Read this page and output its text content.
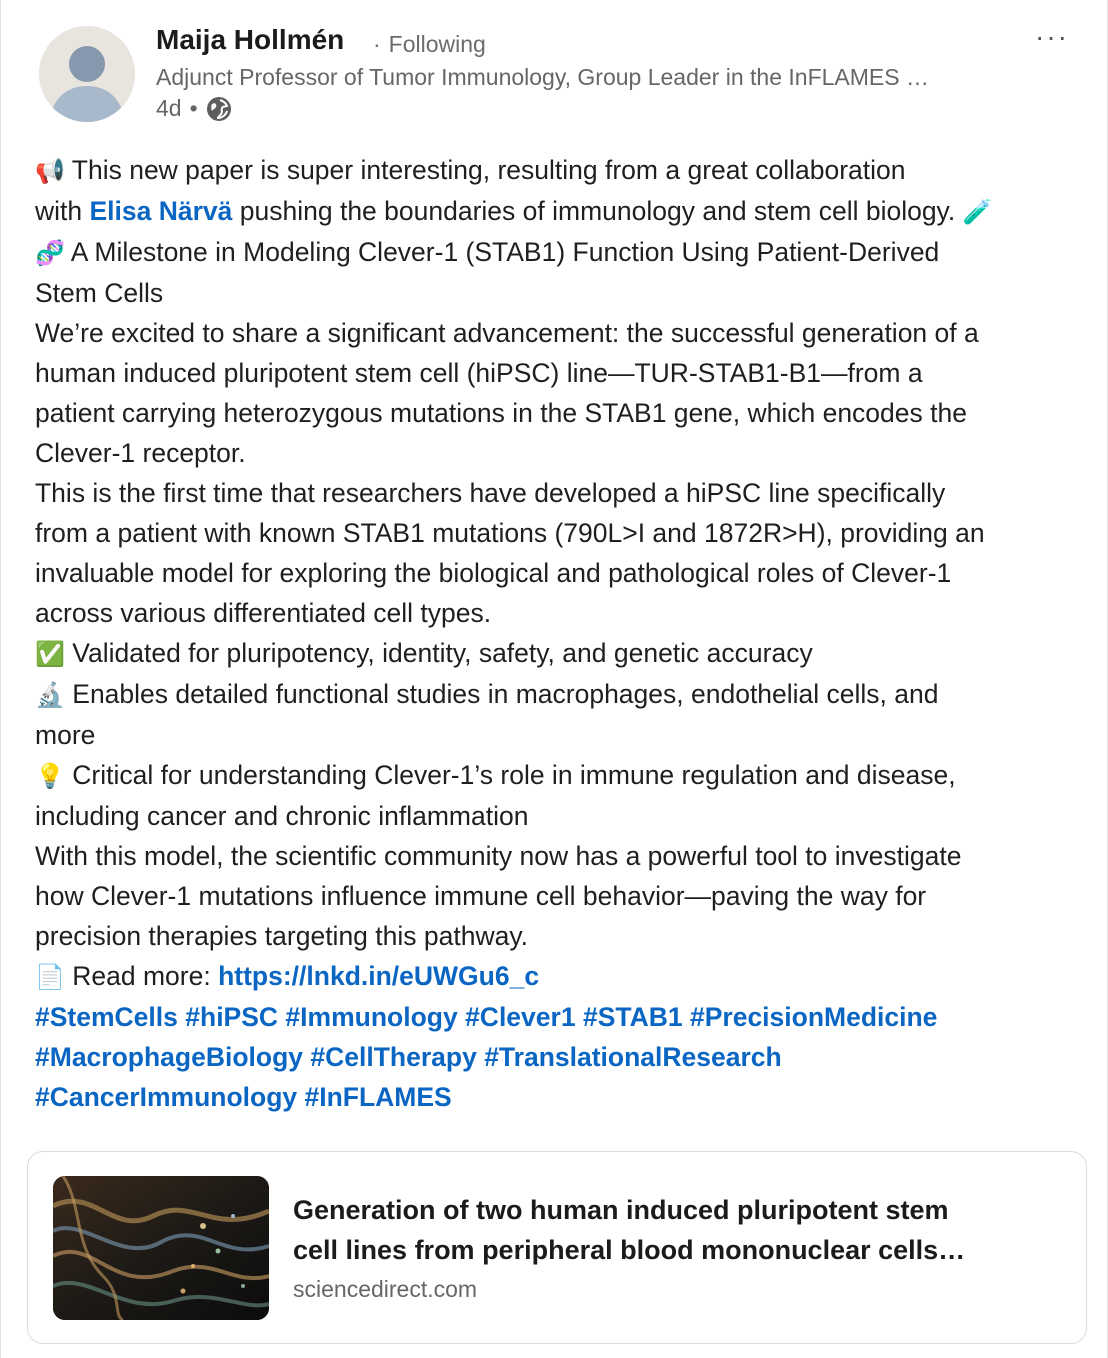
Maija Hollmén · Following
Adjunct Professor of Tumor Immunology, Group Leader in the InFLAMES …
4d •
···
📢 This new paper is super interesting, resulting from a great collaboration
with Elisa Närvä pushing the boundaries of immunology and stem cell biology. 🧪
🧬 A Milestone in Modeling Clever-1 (STAB1) Function Using Patient-Derived
Stem Cells
We’re excited to share a significant advancement: the successful generation of a
human induced pluripotent stem cell (hiPSC) line—TUR-STAB1-B1—from a
patient carrying heterozygous mutations in the STAB1 gene, which encodes the
Clever-1 receptor.
This is the first time that researchers have developed a hiPSC line specifically
from a patient with known STAB1 mutations (790L>I and 1872R>H), providing an
invaluable model for exploring the biological and pathological roles of Clever-1
across various differentiated cell types.
✅ Validated for pluripotency, identity, safety, and genetic accuracy
🔬 Enables detailed functional studies in macrophages, endothelial cells, and
more
💡 Critical for understanding Clever-1’s role in immune regulation and disease,
including cancer and chronic inflammation
With this model, the scientific community now has a powerful tool to investigate
how Clever-1 mutations influence immune cell behavior—paving the way for
precision therapies targeting this pathway.
📄 Read more: https://lnkd.in/eUWGu6_c
#StemCells #hiPSC #Immunology #Clever1 #STAB1 #PrecisionMedicine
#MacrophageBiology #CellTherapy #TranslationalResearch
#CancerImmunology #InFLAMES
Generation of two human induced pluripotent stem
cell lines from peripheral blood mononuclear cells…
sciencedirect.com
